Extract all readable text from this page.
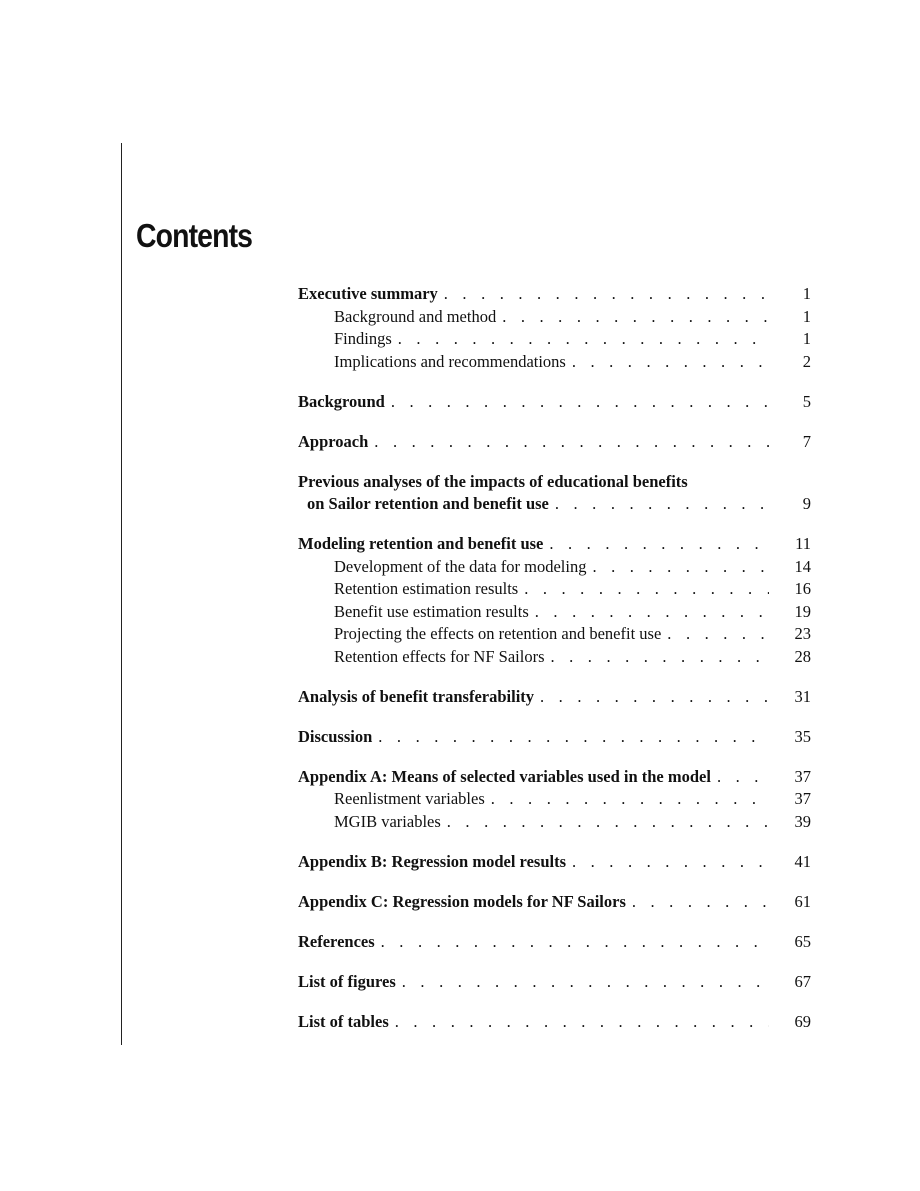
Contents
Executive summary . . .	1
Background and method . . .	1
Findings . . .	1
Implications and recommendations . . .	2
Background . . .	5
Approach . . .	7
Previous analyses of the impacts of educational benefits
on Sailor retention and benefit use . . .	9
Modeling retention and benefit use . . .	11
Development of the data for modeling . . .	14
Retention estimation results . . .	16
Benefit use estimation results . . .	19
Projecting the effects on retention and benefit use . . .	23
Retention effects for NF Sailors . . .	28
Analysis of benefit transferability . . .	31
Discussion . . .	35
Appendix A: Means of selected variables used in the model . . .	37
Reenlistment variables . . .	37
MGIB variables . . .	39
Appendix B: Regression model results . . .	41
Appendix C: Regression models for NF Sailors . . .	61
References . . .	65
List of figures . . .	67
List of tables . . .	69
